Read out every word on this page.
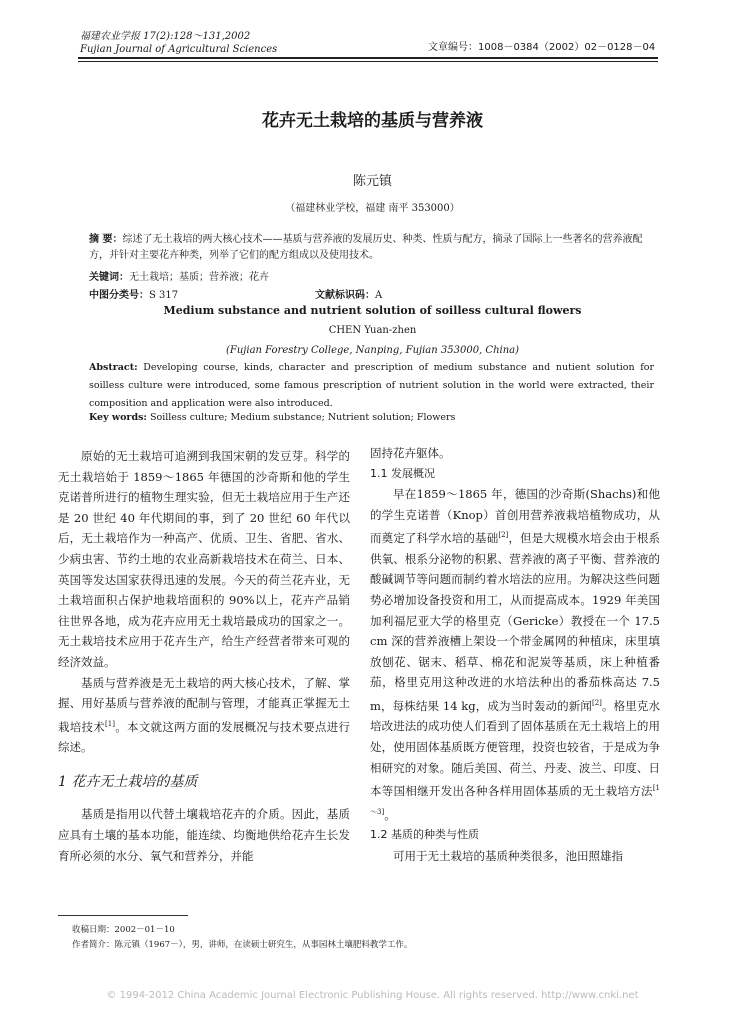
福建农业学报 17(2):128～131,2002
Fujian Journal of Agricultural Sciences	文章编号：1008－0384（2002）02－0128－04
花卉无土栽培的基质与营养液
陈元镇
（福建林业学校，福建 南平 353000）
摘 要：综述了无土栽培的两大核心技术——基质与营养液的发展历史、种类、性质与配方，摘录了国际上一些著名的营养液配方，并针对主要花卉种类，列举了它们的配方组成以及使用技术。
关键词：无土栽培；基质；营养液；花卉
中图分类号：S 317	文献标识码：A
Medium substance and nutrient solution of soilless cultural flowers
CHEN Yuan-zhen
(Fujian Forestry College, Nanping, Fujian 353000, China)
Abstract: Developing course, kinds, character and prescription of medium substance and nutient solution for soilless culture were introduced, some famous prescription of nutrient solution in the world were extracted, their composition and application were also introduced.
Key words: Soilless culture; Medium substance; Nutrient solution; Flowers

原始的无土栽培可追溯到我国宋朝的发豆芽。科学的无土栽培始于 1859～1865 年德国的沙奇斯和他的学生克诺普所进行的植物生理实验，但无土栽培应用于生产还是 20 世纪 40 年代期间的事，到了 20 世纪 60 年代以后，无土栽培作为一种高产、优质、卫生、省肥、省水、少病虫害、节约土地的农业高新栽培技术在荷兰、日本、英国等发达国家获得迅速的发展。今天的荷兰花卉业，无土栽培面积占保护地栽培面积的 90%以上，花卉产品销往世界各地，成为花卉应用无土栽培最成功的国家之一。无土栽培技术应用于花卉生产，给生产经营者带来可观的经济效益。

基质与营养液是无土栽培的两大核心技术，了解、掌握、用好基质与营养液的配制与管理，才能真正掌握无土栽培技术[1]。本文就这两方面的发展概况与技术要点进行综述。

1 花卉无土栽培的基质

基质是指用以代替土壤栽培花卉的介质。因此，基质应具有土壤的基本功能，能连续、均衡地供给花卉生长发育所必须的水分、氧气和营养分，并能

固持花卉躯体。

1.1 发展概况

早在1859～1865 年，德国的沙奇斯(Shachs)和他的学生克诺普（Knop）首创用营养液栽培植物成功，从而奠定了科学水培的基础[2]，但是大规模水培会由于根系供氧、根系分泌物的积累、营养液的离子平衡、营养液的酸碱调节等问题而制约着水培法的应用。为解决这些问题势必增加设备投资和用工，从而提高成本。1929 年美国加利福尼亚大学的格里克（Gericke）教授在一个 17.5 cm 深的营养液槽上架设一个带金属网的种植床，床里填放刨花、锯末、稻草、棉花和泥炭等基质，床上种植番茄，格里克用这种改进的水培法种出的番茄株高达 7.5 m，每株结果 14 kg，成为当时轰动的新闻[2]。格里克水培改进法的成功使人们看到了固体基质在无土栽培上的用处，使用固体基质既方便管理，投资也较省，于是成为争相研究的对象。随后美国、荷兰、丹麦、波兰、印度、日本等国相继开发出各种各样用固体基质的无土栽培方法[1～3]。

1.2 基质的种类与性质

可用于无土栽培的基质种类很多，池田照雄指

收稿日期：2002－01－10
作者简介：陈元镇（1967－），男，讲师，在读硕士研究生，从事园林土壤肥料教学工作。
© 1994-2012 China Academic Journal Electronic Publishing House. All rights reserved. http://www.cnki.net
